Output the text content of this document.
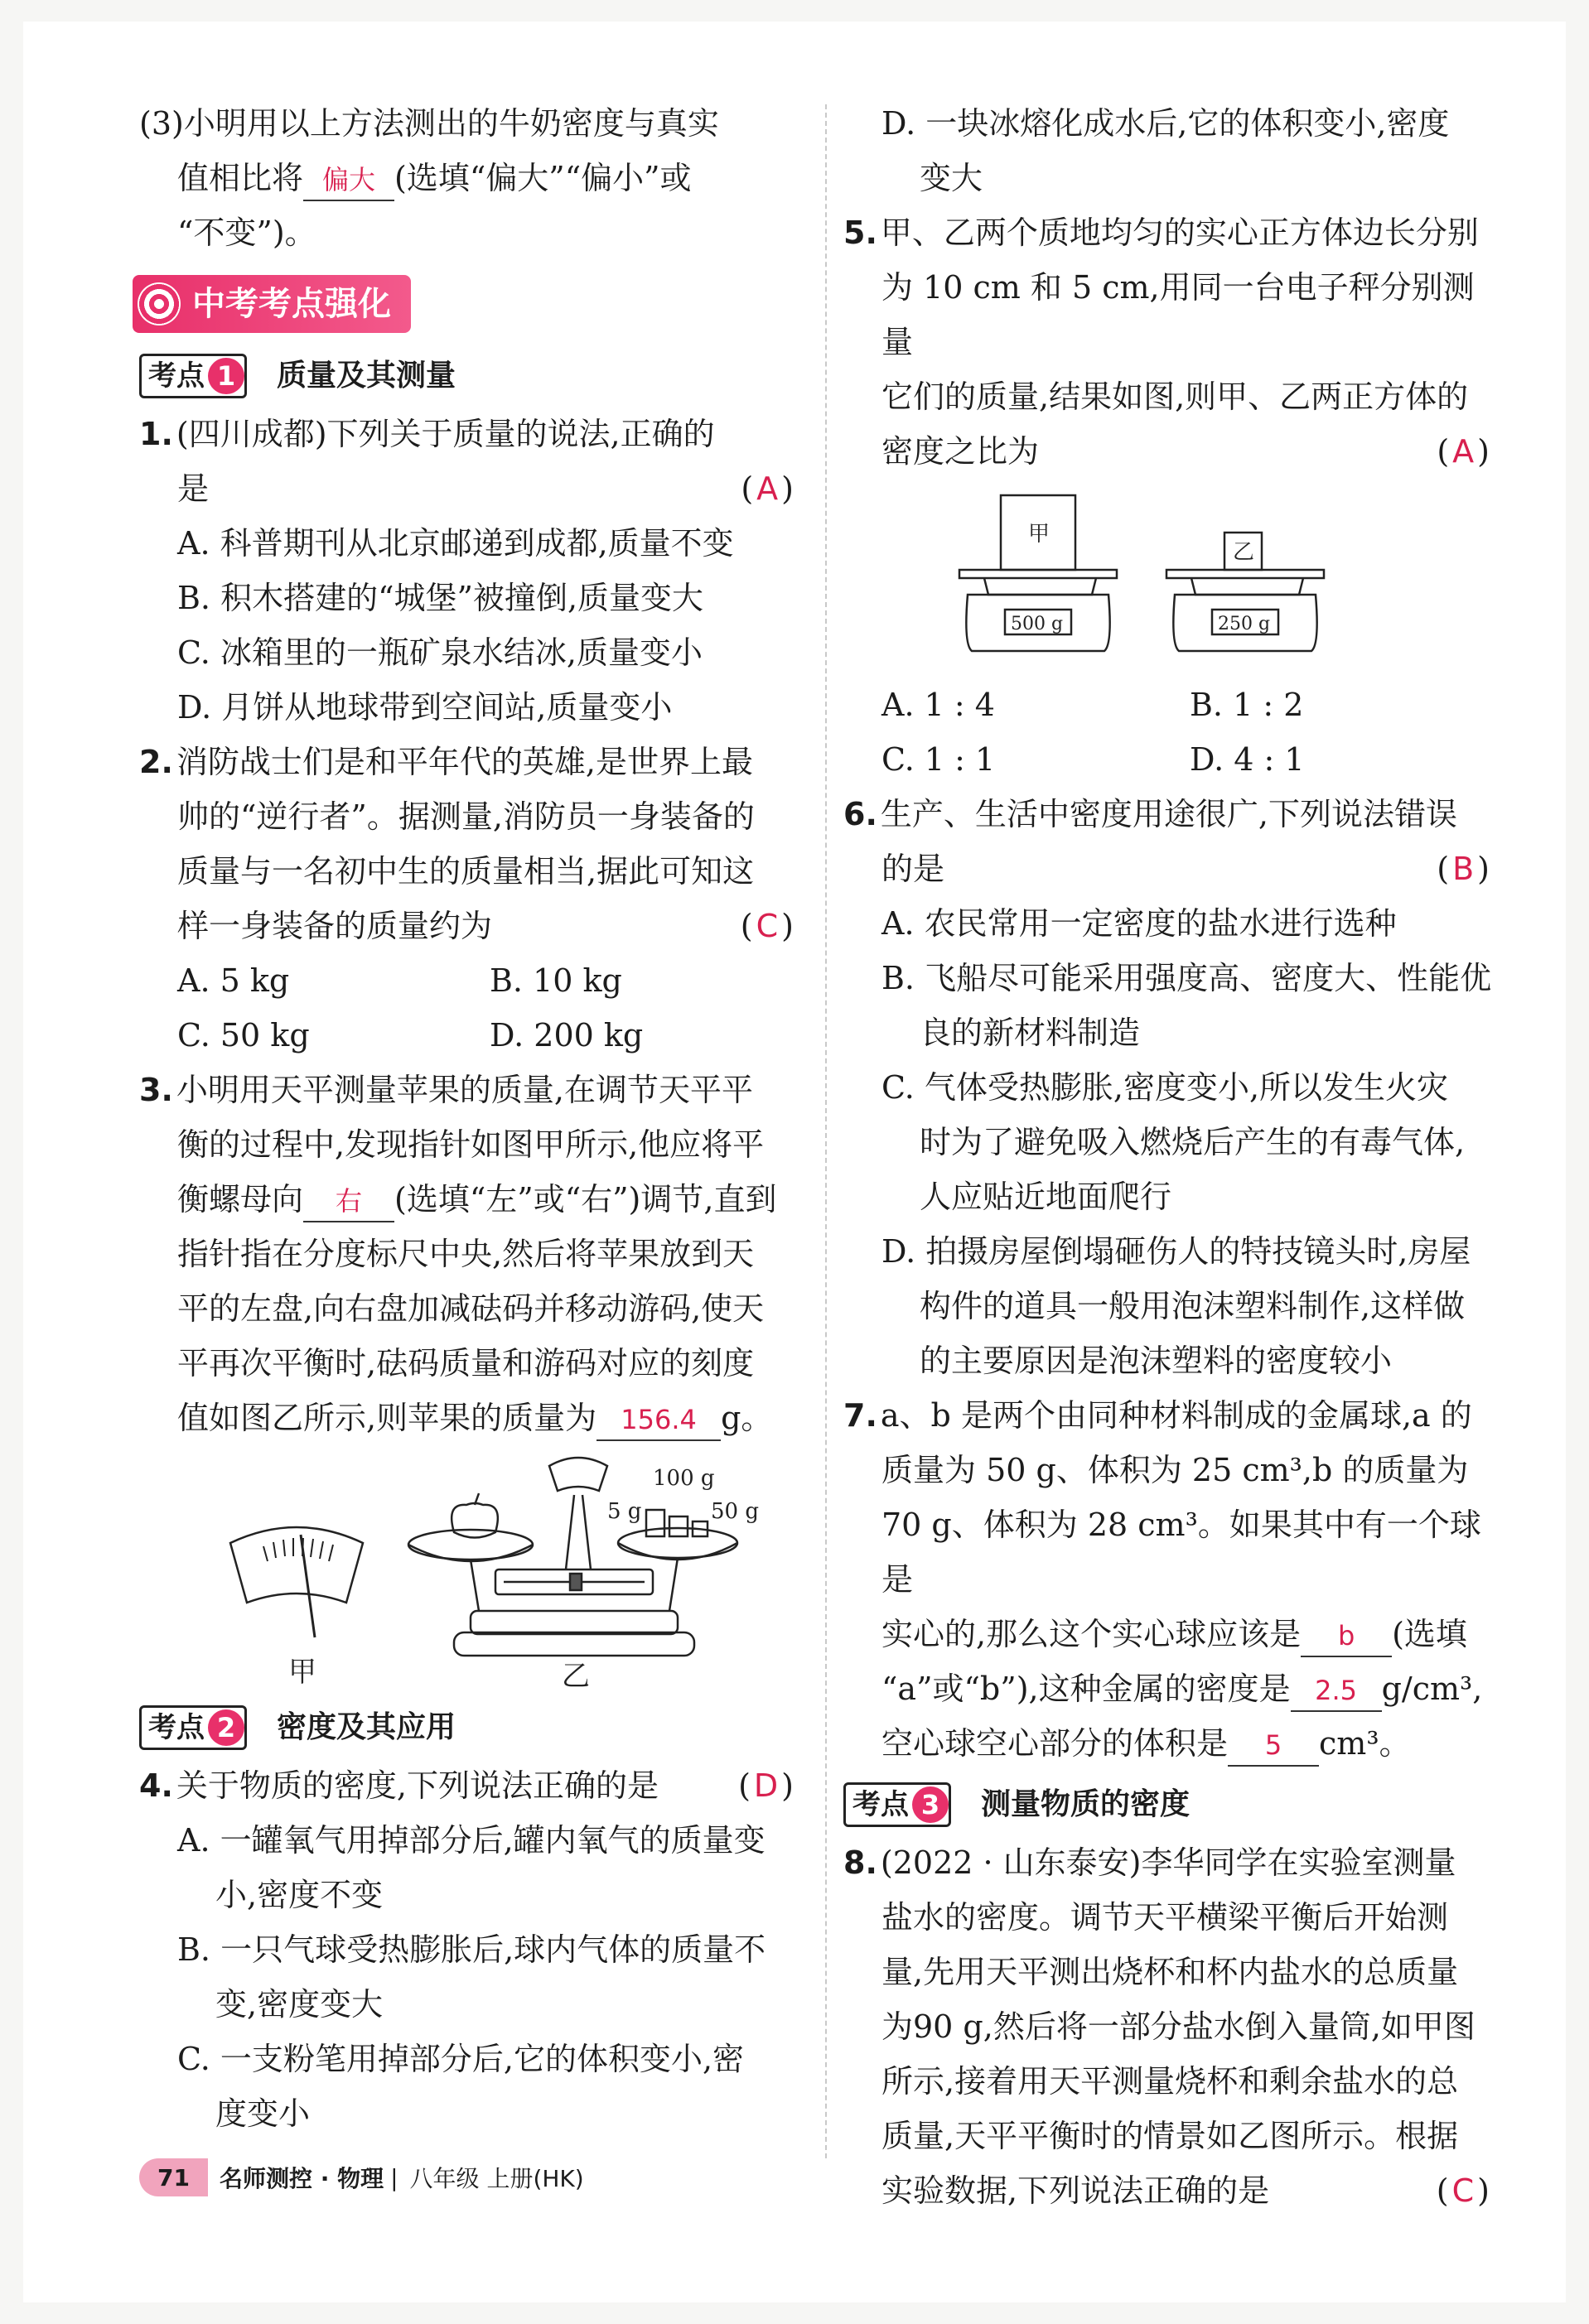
(3)小明用以上方法测出的牛奶密度与真实
值相比将 偏大 (选填“偏大”“偏小”或
“不变”)。
中考考点强化
考点 1	质量及其测量
1. (四川成都)下列关于质量的说法,正确的
是	(A)
A. 科普期刊从北京邮递到成都,质量不变
B. 积木搭建的“城堡”被撞倒,质量变大
C. 冰箱里的一瓶矿泉水结冰,质量变小
D. 月饼从地球带到空间站,质量变小
2. 消防战士们是和平年代的英雄,是世界上最
帅的“逆行者”。据测量,消防员一身装备的
质量与一名初中生的质量相当,据此可知这
样一身装备的质量约为	(C)
A. 5 kg	B. 10 kg
C. 50 kg	D. 200 kg
3. 小明用天平测量苹果的质量,在调节天平平
衡的过程中,发现指针如图甲所示,他应将平
衡螺母向 右 (选填“左”或“右”)调节,直到
指针指在分度标尺中央,然后将苹果放到天
平的左盘,向右盘加减砝码并移动游码,使天
平再次平衡时,砝码质量和游码对应的刻度
值如图乙所示,则苹果的质量为 156.4 g。
100 g
5 g	50 g
甲	乙
考点 2	密度及其应用
4. 关于物质的密度,下列说法正确的是	(D)
A. 一罐氧气用掉部分后,罐内氧气的质量变
小,密度不变
B. 一只气球受热膨胀后,球内气体的质量不
变,密度变大
C. 一支粉笔用掉部分后,它的体积变小,密
度变小
D. 一块冰熔化成水后,它的体积变小,密度
变大
5. 甲、乙两个质地均匀的实心正方体边长分别
为 10 cm 和 5 cm,用同一台电子秤分别测量
它们的质量,结果如图,则甲、乙两正方体的
密度之比为	(A)
甲
乙
500 g	250 g
A. 1 : 4	B. 1 : 2
C. 1 : 1	D. 4 : 1
6. 生产、生活中密度用途很广,下列说法错误
的是	(B)
A. 农民常用一定密度的盐水进行选种
B. 飞船尽可能采用强度高、密度大、性能优
良的新材料制造
C. 气体受热膨胀,密度变小,所以发生火灾
时为了避免吸入燃烧后产生的有毒气体,
人应贴近地面爬行
D. 拍摄房屋倒塌砸伤人的特技镜头时,房屋
构件的道具一般用泡沫塑料制作,这样做
的主要原因是泡沫塑料的密度较小
7. a、b 是两个由同种材料制成的金属球,a 的
质量为 50 g、体积为 25 cm³,b 的质量为
70 g、体积为 28 cm³。如果其中有一个球是
实心的,那么这个实心球应该是 b (选填
“a”或“b”),这种金属的密度是 2.5 g/cm³,
空心球空心部分的体积是 5 cm³。
考点 3	测量物质的密度
8. (2022 · 山东泰安)李华同学在实验室测量
盐水的密度。调节天平横梁平衡后开始测
量,先用天平测出烧杯和杯内盐水的总质量
为90 g,然后将一部分盐水倒入量筒,如甲图
所示,接着用天平测量烧杯和剩余盐水的总
质量,天平平衡时的情景如乙图所示。根据
实验数据,下列说法正确的是	(C)
71	名师测控 · 物理 | 八年级 上册(HK)
